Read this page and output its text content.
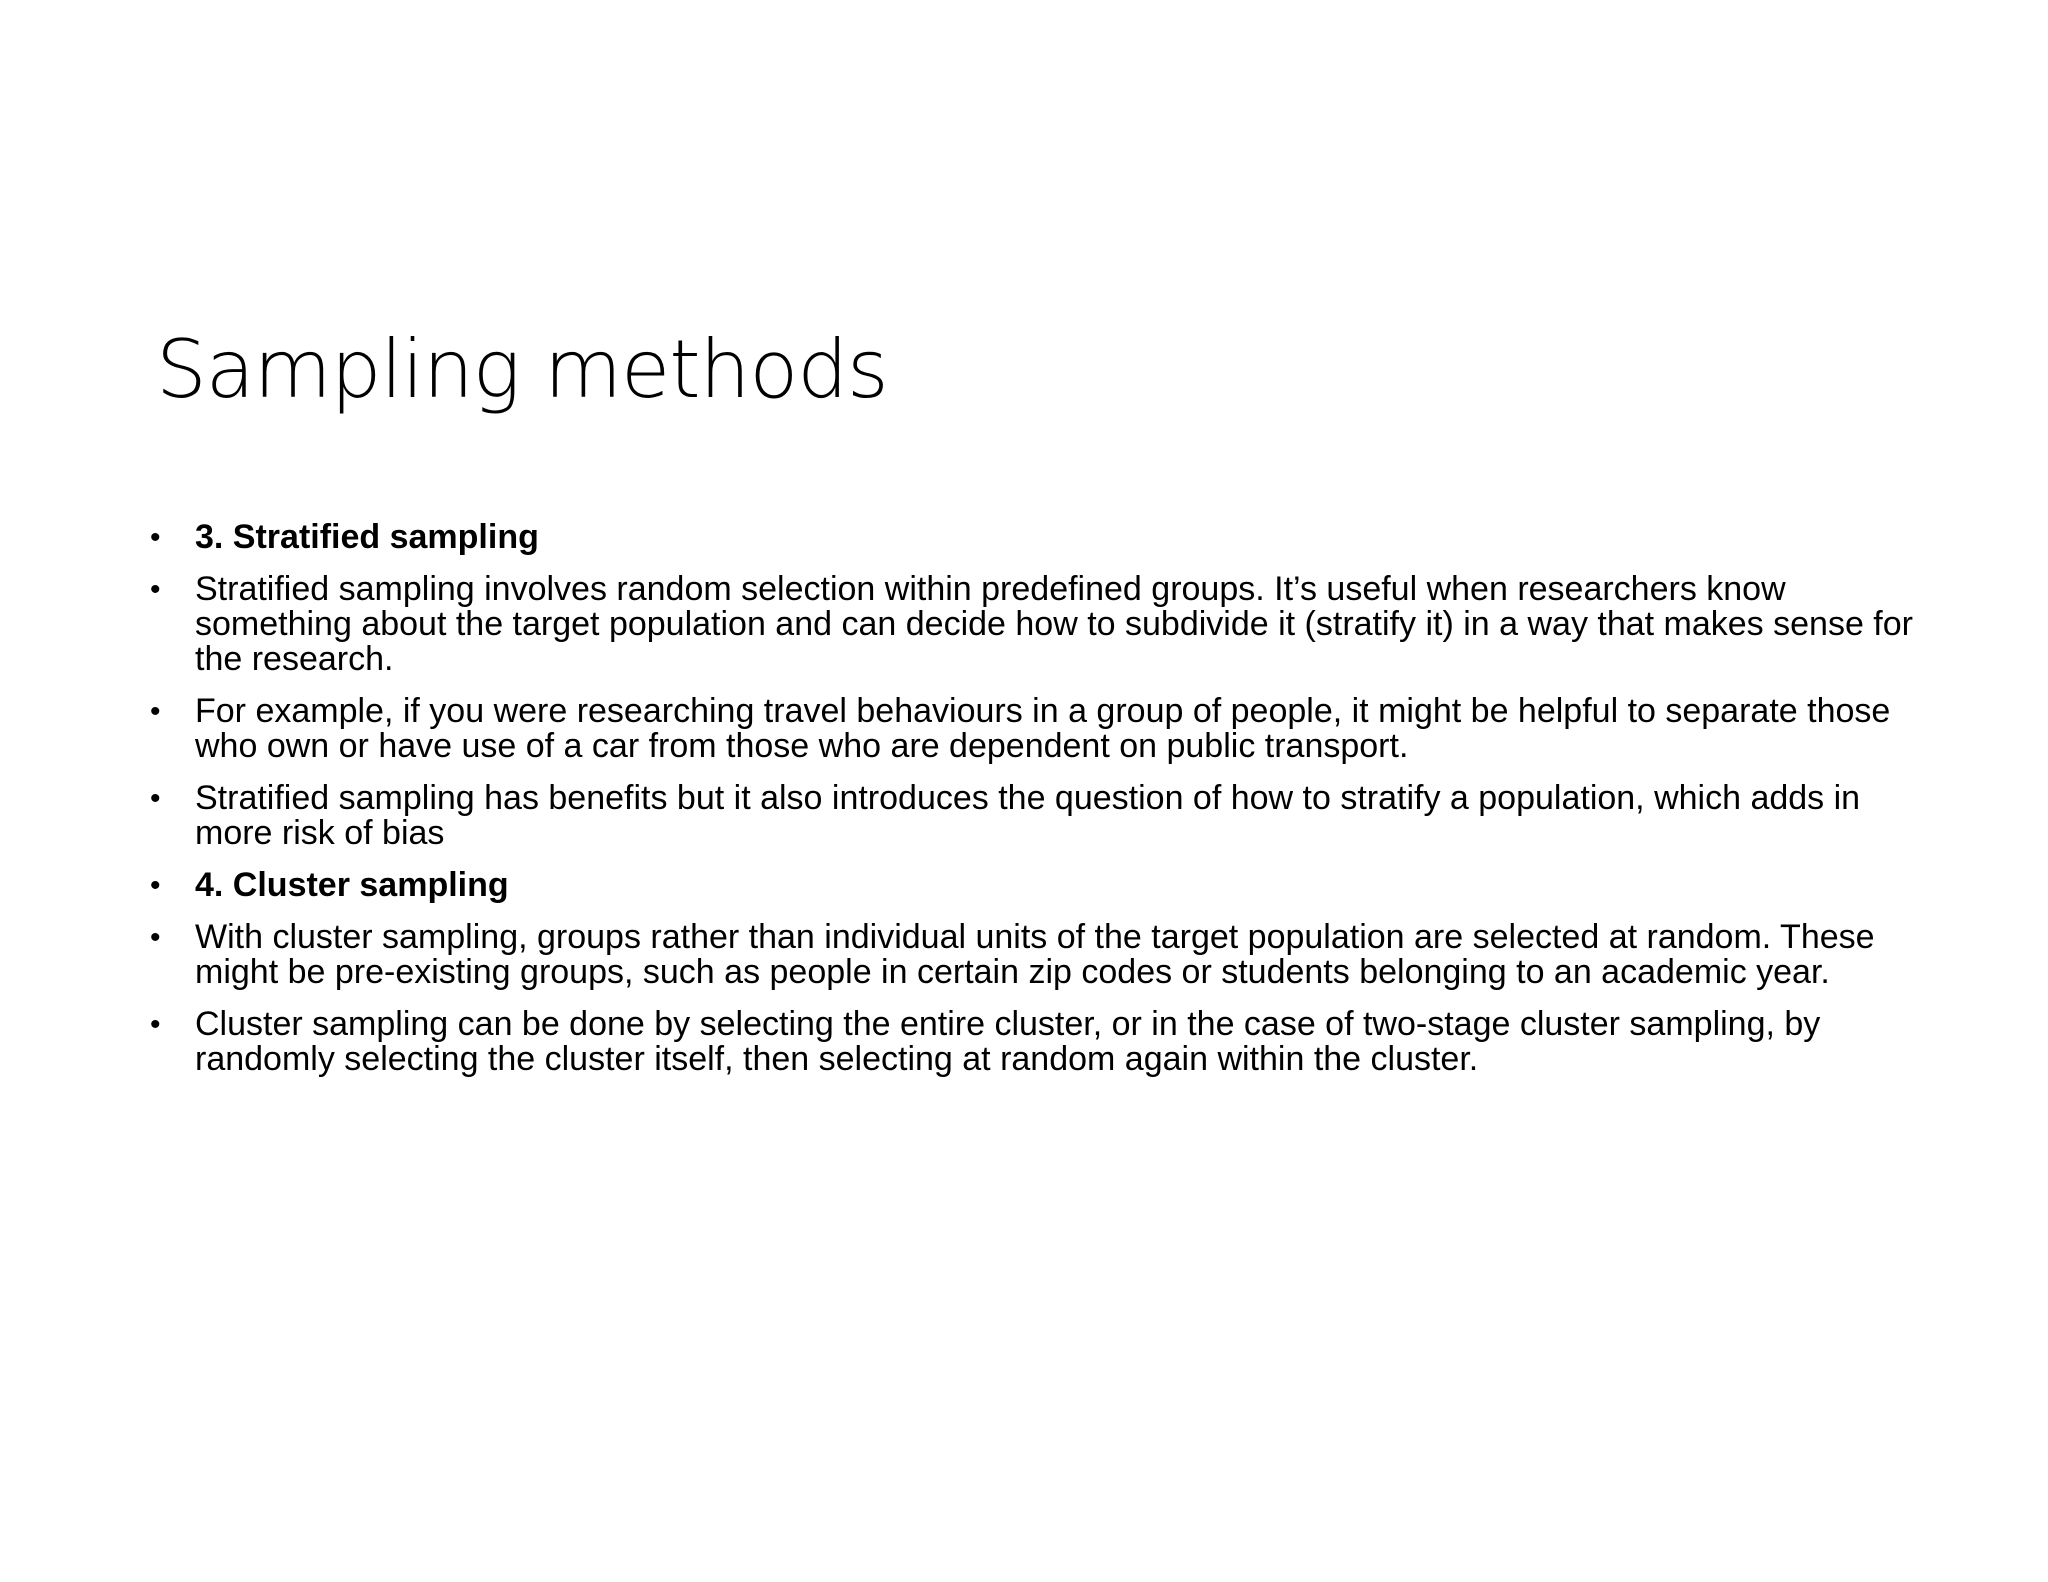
Sampling methods
•	3. Stratified sampling
•	Stratified sampling involves random selection within predefined groups. It’s useful when researchers know something about the target population and can decide how to subdivide it (stratify it) in a way that makes sense for the research.
•	For example, if you were researching travel behaviours in a group of people, it might be helpful to separate those who own or have use of a car from those who are dependent on public transport.
•	Stratified sampling has benefits but it also introduces the question of how to stratify a population, which adds in more risk of bias
•	4. Cluster sampling
•	With cluster sampling, groups rather than individual units of the target population are selected at random. These might be pre-existing groups, such as people in certain zip codes or students belonging to an academic year.
•	Cluster sampling can be done by selecting the entire cluster, or in the case of two-stage cluster sampling, by randomly selecting the cluster itself, then selecting at random again within the cluster.
